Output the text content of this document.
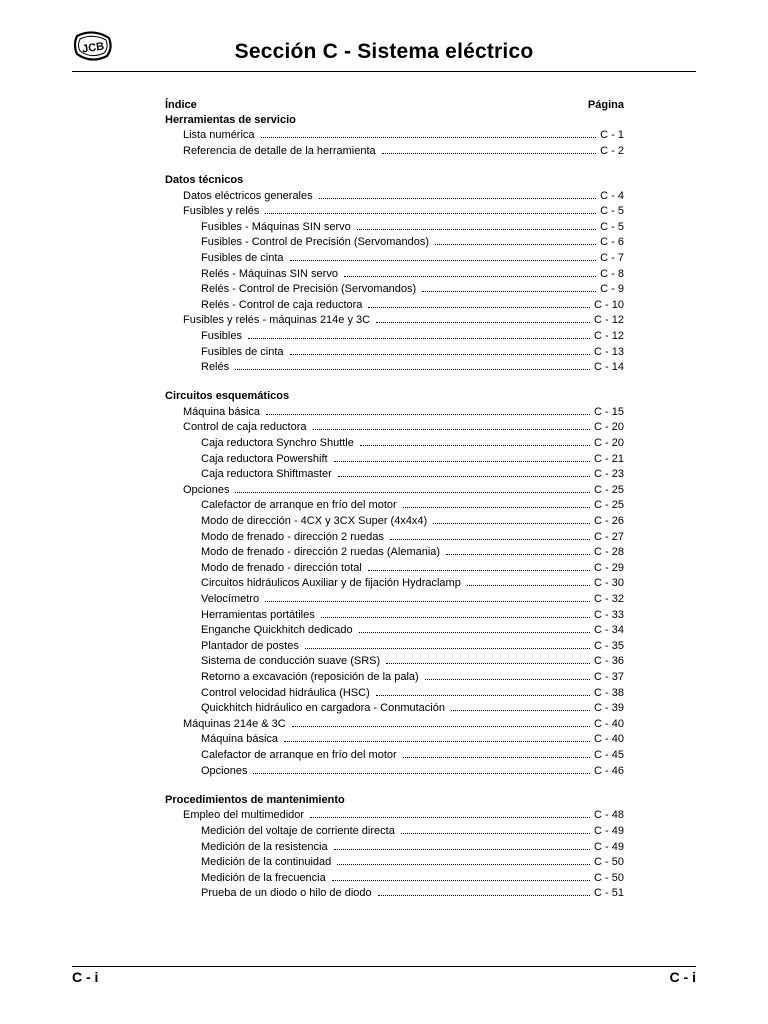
JCB	Sección C - Sistema eléctrico
Índice	Página
Herramientas de servicio
Lista numérica	C - 1
Referencia de detalle de la herramienta	C - 2
Datos técnicos
Datos eléctricos generales	C - 4
Fusibles y relés	C - 5
Fusibles - Máquinas SIN servo	C - 5
Fusibles - Control de Precisión (Servomandos)	C - 6
Fusibles de cinta	C - 7
Relés - Máquinas SIN servo	C - 8
Relés - Control de Precisión (Servomandos)	C - 9
Relés - Control de caja reductora	C - 10
Fusibles y relés - máquinas 214e y 3C	C - 12
Fusibles	C - 12
Fusibles de cinta	C - 13
Relés	C - 14
Circuitos esquemáticos
Máquina básica	C - 15
Control de caja reductora	C - 20
Caja reductora Synchro Shuttle	C - 20
Caja reductora Powershift	C - 21
Caja reductora Shiftmaster	C - 23
Opciones	C - 25
Calefactor de arranque en frío del motor	C - 25
Modo de dirección - 4CX y 3CX Super (4x4x4)	C - 26
Modo de frenado - dirección 2 ruedas	C - 27
Modo de frenado - dirección 2 ruedas (Alemania)	C - 28
Modo de frenado - dirección total	C - 29
Circuitos hidráulicos Auxiliar y de fijación Hydraclamp	C - 30
Velocímetro	C - 32
Herramientas portátiles	C - 33
Enganche Quickhitch dedicado	C - 34
Plantador de postes	C - 35
Sistema de conducción suave (SRS)	C - 36
Retorno a excavación (reposición de la pala)	C - 37
Control velocidad hidráulica (HSC)	C - 38
Quickhitch hidráulico en cargadora - Conmutación	C - 39
Máquinas 214e & 3C	C - 40
Máquina básica	C - 40
Calefactor de arranque en frío del motor	C - 45
Opciones	C - 46
Procedimientos de mantenimiento
Empleo del multimedidor	C - 48
Medición del voltaje de corriente directa	C - 49
Medición de la resistencia	C - 49
Medición de la continuidad	C - 50
Medición de la frecuencia	C - 50
Prueba de un diodo o hilo de diodo	C - 51
C - i	C - i
